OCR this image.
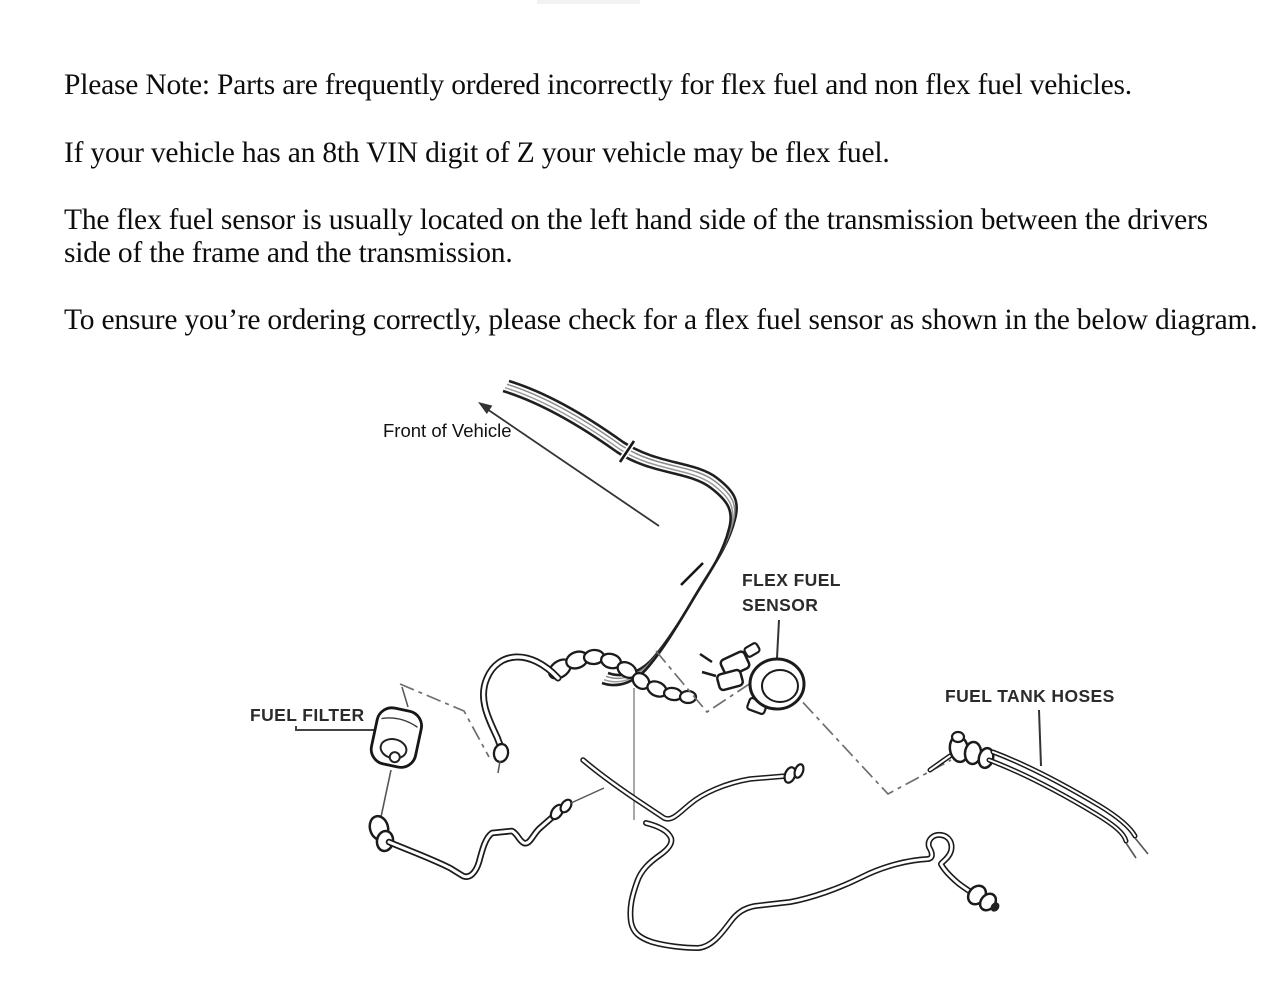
Please Note: Parts are frequently ordered incorrectly for flex fuel and non flex fuel vehicles.
If your vehicle has an 8th VIN digit of Z your vehicle may be flex fuel.
The flex fuel sensor is usually located on the left hand side of the transmission between the drivers
side of the frame and the transmission.
To ensure you’re ordering correctly, please check for a flex fuel sensor as shown in the below diagram.
Front of Vehicle
FUEL FILTER
FLEX FUEL
SENSOR
FUEL TANK HOSES
